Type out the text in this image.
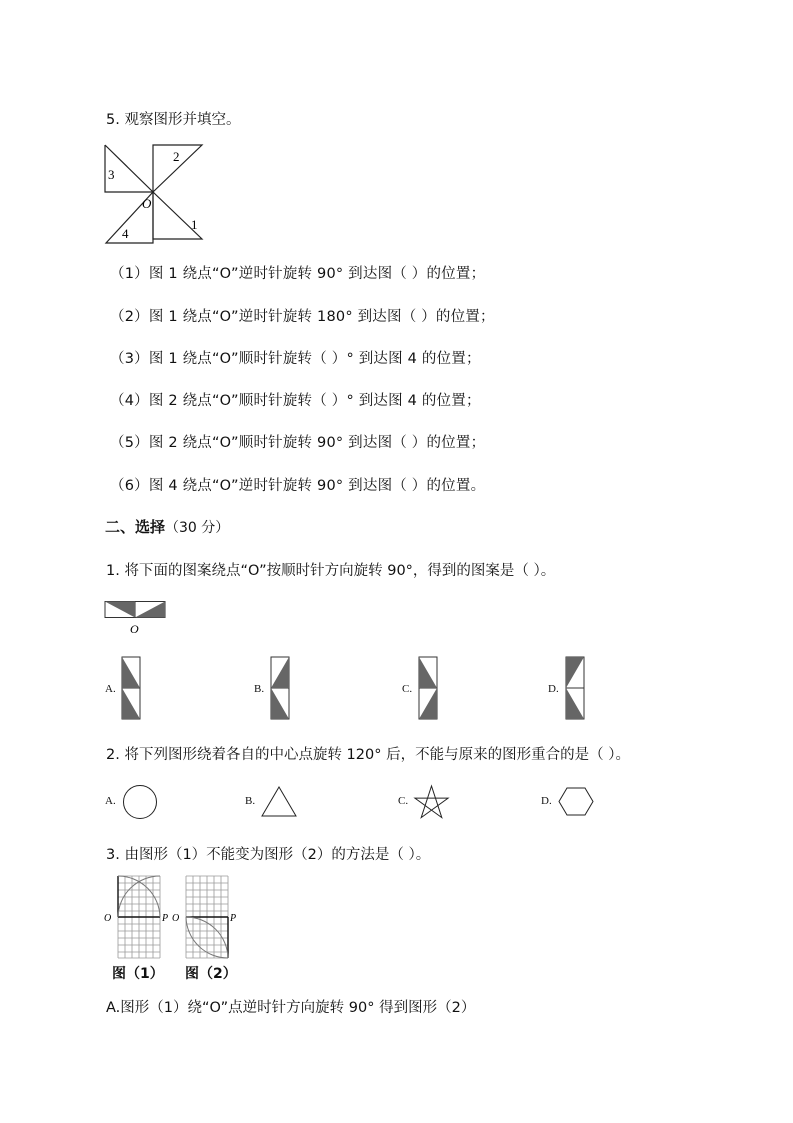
5. 观察图形并填空。
3
2
1
4
O
（1）图 1 绕点“O”逆时针旋转 90° 到达图（ ）的位置；
（2）图 1 绕点“O”逆时针旋转 180° 到达图（ ）的位置；
（3）图 1 绕点“O”顺时针旋转（ ）° 到达图 4 的位置；
（4）图 2 绕点“O”顺时针旋转（ ）° 到达图 4 的位置；
（5）图 2 绕点“O”顺时针旋转 90° 到达图（ ）的位置；
（6）图 4 绕点“O”逆时针旋转 90° 到达图（ ）的位置。
二、选择（30 分）
1. 将下面的图案绕点“O”按顺时针方向旋转 90°，得到的图案是（ ）。
O
A.	B.	C.	D.
2. 将下列图形绕着各自的中心点旋转 120° 后，不能与原来的图形重合的是（ ）。
A.	B.	C.	D.
3. 由图形（1）不能变为图形（2）的方法是（ ）。
O	P O	P
图（1） 图（2）
A.图形（1）绕“O”点逆时针方向旋转 90° 得到图形（2）
